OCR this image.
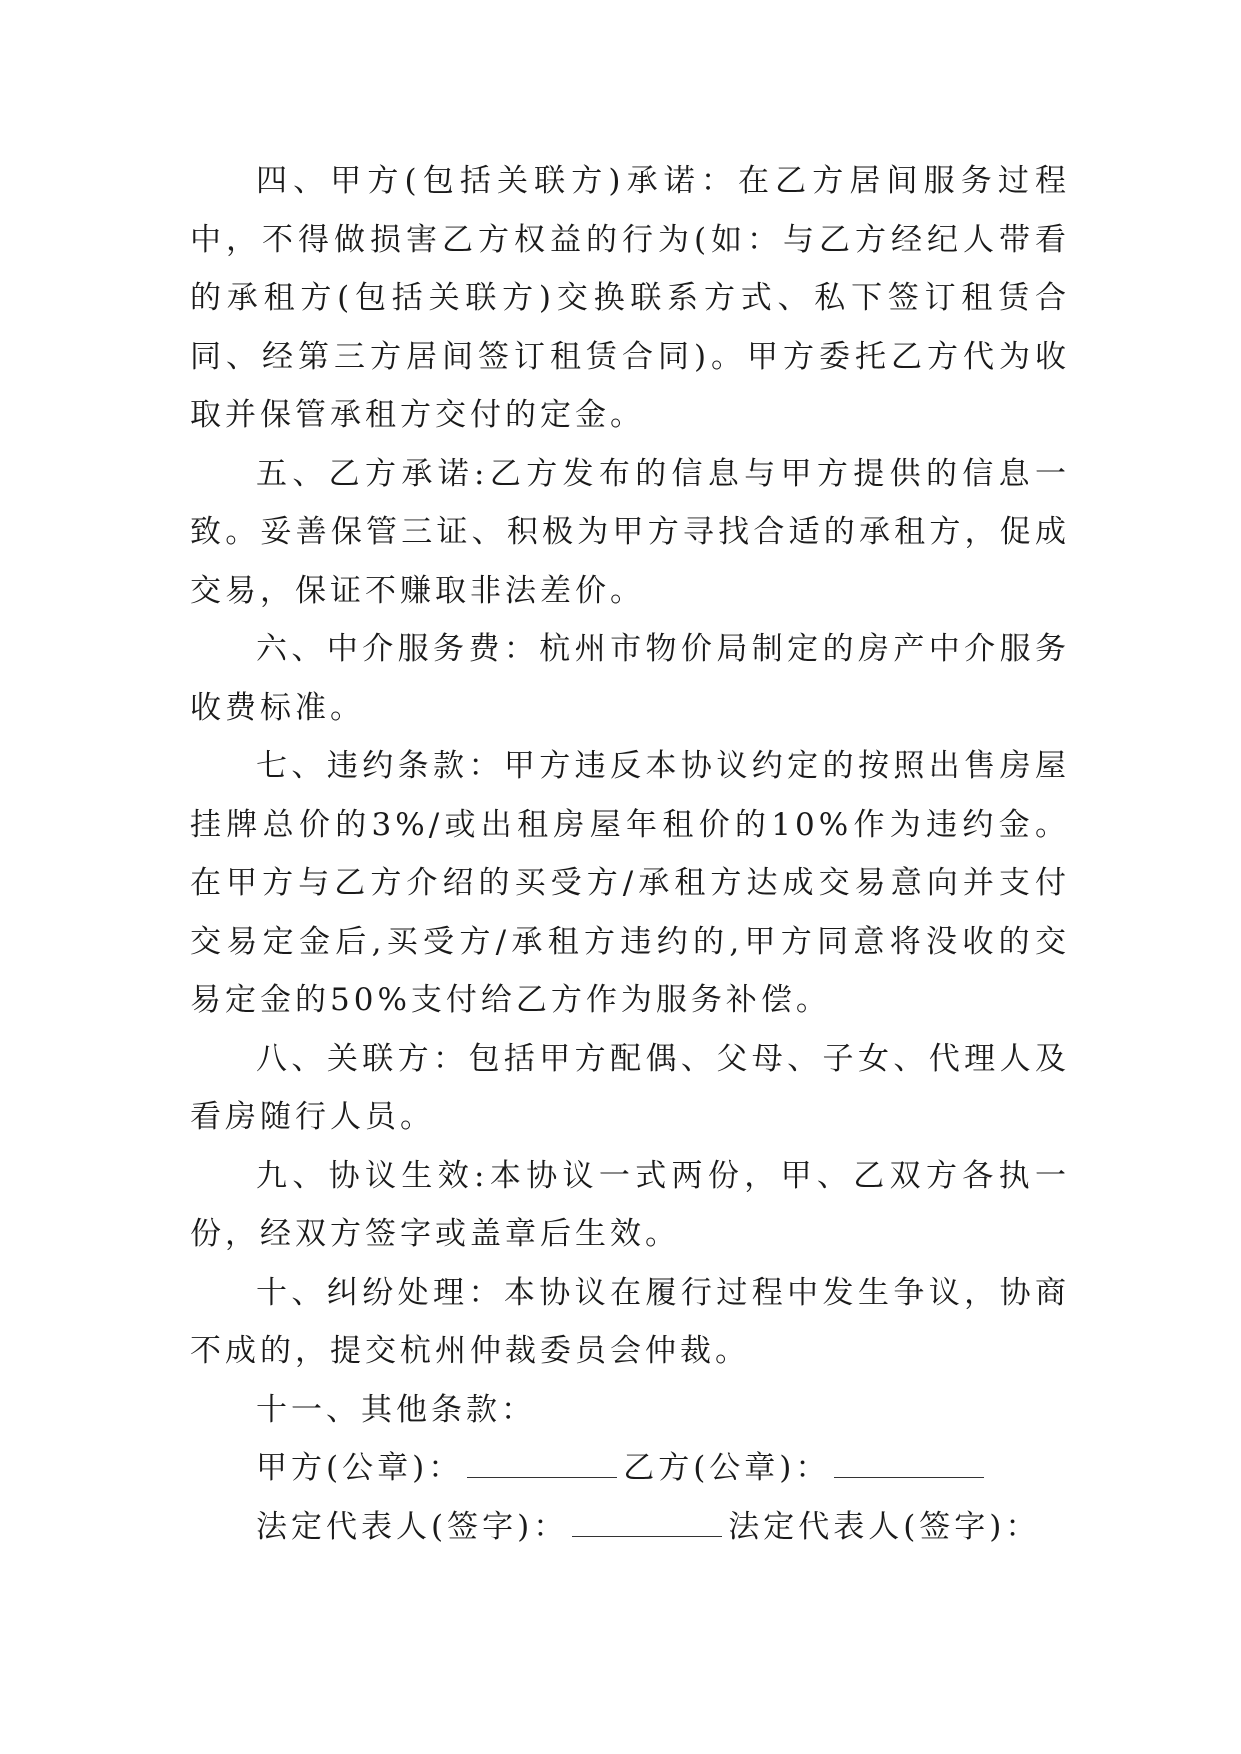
四、甲方(包括关联方)承诺：在乙方居间服务过程中，不得做损害乙方权益的行为(如：与乙方经纪人带看的承租方(包括关联方)交换联系方式、私下签订租赁合同、经第三方居间签订租赁合同)。甲方委托乙方代为收取并保管承租方交付的定金。

五、乙方承诺:乙方发布的信息与甲方提供的信息一致。妥善保管三证、积极为甲方寻找合适的承租方，促成交易，保证不赚取非法差价。

六、中介服务费：杭州市物价局制定的房产中介服务收费标准。

七、违约条款：甲方违反本协议约定的按照出售房屋挂牌总价的3%/或出租房屋年租价的10%作为违约金。在甲方与乙方介绍的买受方/承租方达成交易意向并支付交易定金后,买受方/承租方违约的,甲方同意将没收的交易定金的50%支付给乙方作为服务补偿。

八、关联方：包括甲方配偶、父母、子女、代理人及看房随行人员。

九、协议生效:本协议一式两份，甲、乙双方各执一份，经双方签字或盖章后生效。

十、纠纷处理：本协议在履行过程中发生争议，协商不成的，提交杭州仲裁委员会仲裁。

十一、其他条款：

甲方(公章)：	乙方(公章)：

法定代表人(签字)：	法定代表人(签字)：
